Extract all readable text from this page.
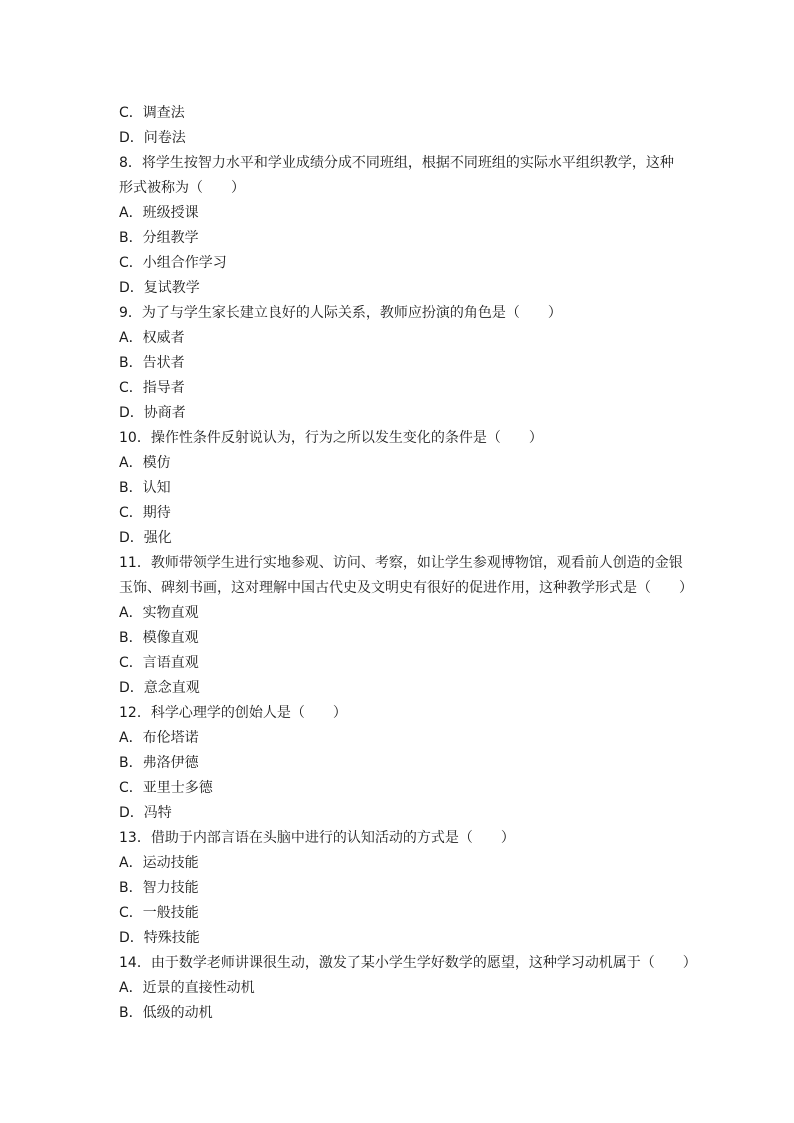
C．调查法
D．问卷法
8．将学生按智力水平和学业成绩分成不同班组，根据不同班组的实际水平组织教学，这种
形式被称为（　　）
A．班级授课
B．分组教学
C．小组合作学习
D．复试教学
9．为了与学生家长建立良好的人际关系，教师应扮演的角色是（　　）
A．权威者
B．告状者
C．指导者
D．协商者
10．操作性条件反射说认为，行为之所以发生变化的条件是（　　）
A．模仿
B．认知
C．期待
D．强化
11．教师带领学生进行实地参观、访问、考察，如让学生参观博物馆，观看前人创造的金银
玉饰、碑刻书画，这对理解中国古代史及文明史有很好的促进作用，这种教学形式是（　　）
A．实物直观
B．模像直观
C．言语直观
D．意念直观
12．科学心理学的创始人是（　　）
A．布伦塔诺
B．弗洛伊德
C．亚里士多德
D．冯特
13．借助于内部言语在头脑中进行的认知活动的方式是（　　）
A．运动技能
B．智力技能
C．一般技能
D．特殊技能
14．由于数学老师讲课很生动，激发了某小学生学好数学的愿望，这种学习动机属于（　　）
A．近景的直接性动机
B．低级的动机
